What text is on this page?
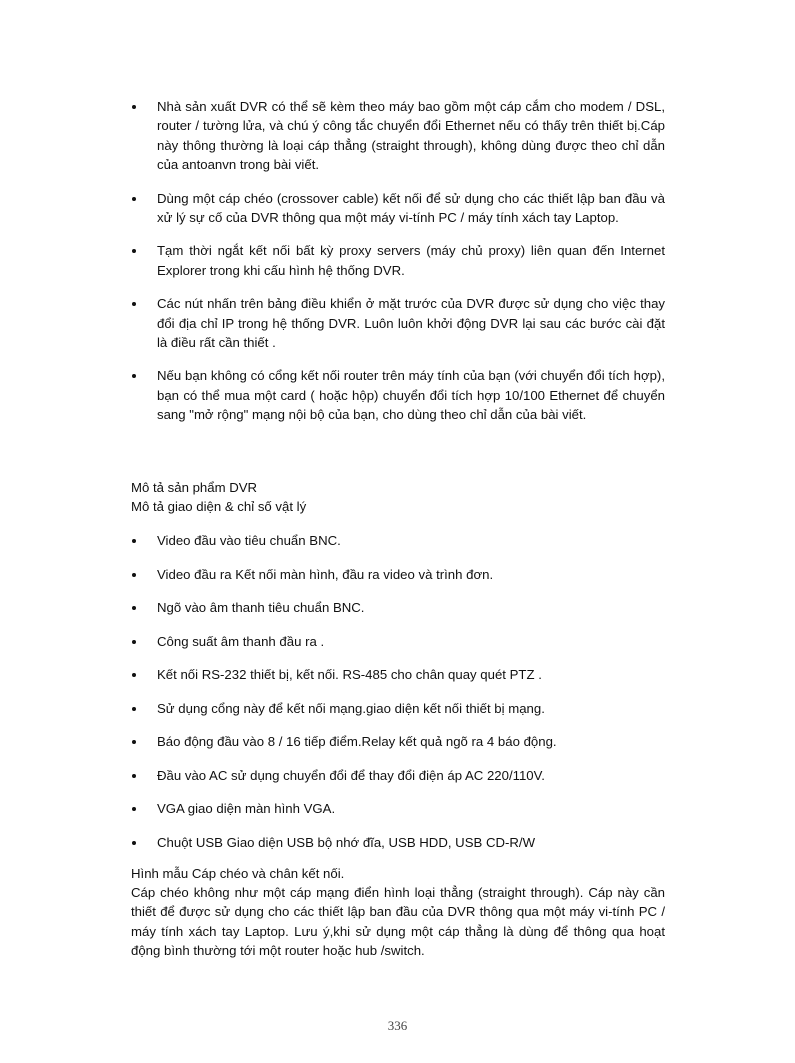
Nhà sản xuất DVR có thể sẽ kèm theo máy bao gồm một cáp cắm cho modem / DSL, router / tường lửa, và chú ý công tắc chuyển đổi Ethernet nếu có thấy trên thiết bị.Cáp này thông thường là loại cáp thẳng (straight through), không dùng được theo chỉ dẫn của antoanvn trong bài viết.
Dùng một cáp chéo (crossover cable) kết nối để sử dụng cho các thiết lập ban đầu và xử lý sự cố của DVR thông qua một máy vi-tính PC / máy tính xách tay Laptop.
Tạm thời ngắt kết nối bất kỳ proxy servers (máy chủ proxy) liên quan đến Internet Explorer trong khi cấu hình hệ thống DVR.
Các nút nhấn trên bảng điều khiển ở mặt trước của DVR được sử dụng cho việc thay đổi địa chỉ IP trong hệ thống DVR. Luôn luôn khởi động DVR lại sau các bước cài đặt là điều rất cần thiết .
Nếu bạn không có cổng kết nối router trên máy tính của bạn (với chuyển đổi tích hợp), bạn có thể mua một card ( hoặc hộp) chuyển đổi tích hợp 10/100 Ethernet để chuyển sang "mở rộng" mạng nội bộ của bạn, cho dùng theo chỉ dẫn của bài viết.

Mô tả sản phẩm DVR

Mô tả giao diện & chỉ số vật lý

Video đầu vào tiêu chuẩn BNC.
Video đầu ra Kết nối màn hình, đầu ra video và trình đơn.
Ngõ vào âm thanh tiêu chuẩn BNC.
Công suất âm thanh đầu ra .
Kết nối RS-232 thiết bị, kết nối. RS-485 cho chân quay quét PTZ .
Sử dụng cổng này để kết nối mạng.giao diện kết nối thiết bị mạng.
Báo động đầu vào 8 / 16 tiếp điểm.Relay kết quả ngõ ra 4 báo động.
Đầu vào AC sử dụng chuyển đổi để thay đổi điện áp AC 220/110V.
VGA giao diện màn hình VGA.
Chuột USB Giao diện USB bộ nhớ đĩa, USB HDD, USB CD-R/W

Hình mẫu Cáp chéo và chân kết nối.

Cáp chéo không như một cáp mạng điển hình loại thẳng (straight through). Cáp này cần thiết để được sử dụng cho các thiết lập ban đầu của DVR thông qua một máy vi-tính PC / máy tính xách tay Laptop. Lưu ý,khi sử dụng một cáp thẳng là dùng để thông qua hoạt động bình thường tới một router hoặc hub /switch.

336
